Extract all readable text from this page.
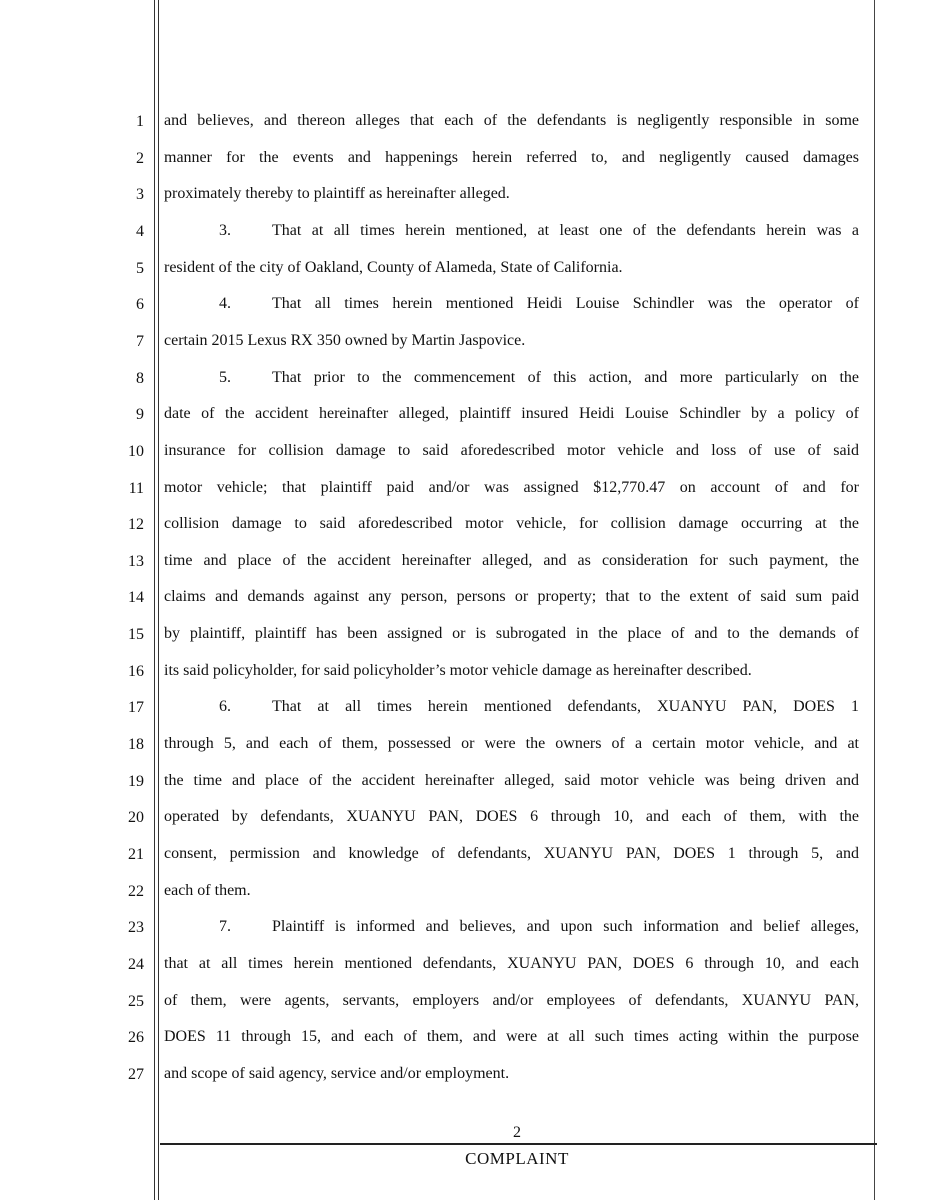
1
2
3
4
5
6
7
8
9
10
11
12
13
14
15
16
17
18
19
20
21
22
23
24
25
26
27
and believes, and thereon alleges that each of the defendants is negligently responsible in some
manner for the events and happenings herein referred to, and negligently caused damages
proximately thereby to plaintiff as hereinafter alleged.
3.	That at all times herein mentioned, at least one of the defendants herein was a
resident of the city of Oakland, County of Alameda, State of California.
4.	That all times herein mentioned Heidi Louise Schindler was the operator of
certain 2015 Lexus RX 350 owned by Martin Jaspovice.
5.	That prior to the commencement of this action, and more particularly on the
date of the accident hereinafter alleged, plaintiff insured Heidi Louise Schindler by a policy of
insurance for collision damage to said aforedescribed motor vehicle and loss of use of said
motor vehicle; that plaintiff paid and/or was assigned $12,770.47 on account of and for
collision damage to said aforedescribed motor vehicle, for collision damage occurring at the
time and place of the accident hereinafter alleged, and as consideration for such payment, the
claims and demands against any person, persons or property; that to the extent of said sum paid
by plaintiff, plaintiff has been assigned or is subrogated in the place of and to the demands of
its said policyholder, for said policyholder’s motor vehicle damage as hereinafter described.
6.	That at all times herein mentioned defendants, XUANYU PAN, DOES 1
through 5, and each of them, possessed or were the owners of a certain motor vehicle, and at
the time and place of the accident hereinafter alleged, said motor vehicle was being driven and
operated by defendants, XUANYU PAN, DOES 6 through 10, and each of them, with the
consent, permission and knowledge of defendants, XUANYU PAN, DOES 1 through 5, and
each of them.
7.	Plaintiff is informed and believes, and upon such information and belief alleges,
that at all times herein mentioned defendants, XUANYU PAN, DOES 6 through 10, and each
of them, were agents, servants, employers and/or employees of defendants, XUANYU PAN,
DOES 11 through 15, and each of them, and were at all such times acting within the purpose
and scope of said agency, service and/or employment.
2
COMPLAINT
